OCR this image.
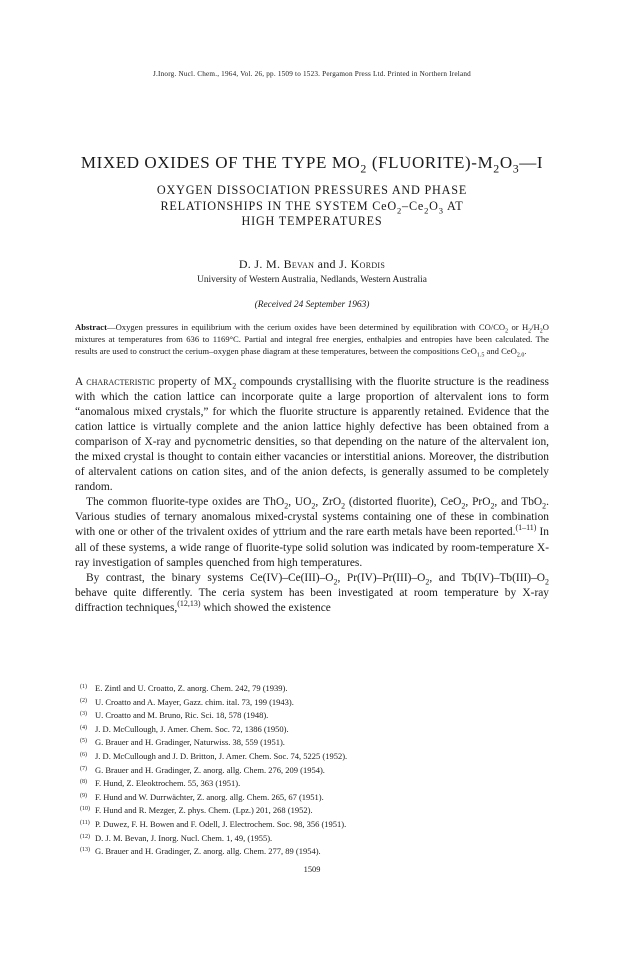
J.Inorg. Nucl. Chem., 1964, Vol. 26, pp. 1509 to 1523. Pergamon Press Ltd. Printed in Northern Ireland
MIXED OXIDES OF THE TYPE $MO_2$ $(FLUORITE)-M_2O_3—I$
OXYGEN DISSOCIATION PRESSURES AND PHASE
RELATIONSHIPS IN THE SYSTEM $CeO_2-Ce_2O_3$ AT
HIGH TEMPERATURES
D. J. M. Bevan and J. Kordis
University of Western Australia, Nedlands, Western Australia
(Received 24 September 1963)

Abstract—Oxygen pressures in equilibrium with the cerium oxides have been determined by equilibration with $CO/CO_2$ or $H_2/H_2O$ mixtures at temperatures from 636 to 1169°C. Partial and integral free energies, enthalpies and entropies have been calculated. The results are used to construct the cerium–oxygen phase diagram at these temperatures, between the compositions CeO$_{1.5}$ and CeO$_{2.0}$.

A characteristic property of $MX_2$ compounds crystallising with the fluorite structure is the readiness with which the cation lattice can incorporate quite a large proportion of altervalent ions to form “anomalous mixed crystals,” for which the fluorite structure is apparently retained. Evidence that the cation lattice is virtually complete and the anion lattice highly defective has been obtained from a comparison of X-ray and pycnometric densities, so that depending on the nature of the altervalent ion, the mixed crystal is thought to contain either vacancies or interstitial anions. Moreover, the distribution of altervalent cations on cation sites, and of the anion defects, is generally assumed to be completely random.

The common fluorite-type oxides are ThO$_2$, $UO_2$, ZrO$_2$ (distorted fluorite), CeO$_2$, PrO$_2$, and TbO$_2$. Various studies of ternary anomalous mixed-crystal systems containing one of these in combination with one or other of the trivalent oxides of yttrium and the rare earth metals have been reported.$^{(1-11)}$ In all of these systems, a wide range of fluorite-type solid solution was indicated by room-temperature X-ray investigation of samples quenched from high temperatures.

By contrast, the binary systems $Ce(IV)-Ce(III)-O_2$, $Pr(IV)-Pr(III)-O_2$, and $Tb(IV)-Tb(III)-O_2$ behave quite differently. The ceria system has been investigated at room temperature by X-ray diffraction techniques,$^{(12,13)}$ which showed the existence

(1) E. Zintl and U. Croatto, Z. anorg. Chem. 242, 79 (1939).
(2) U. Croatto and A. Mayer, Gazz. chim. ital. 73, 199 (1943).
(3) U. Croatto and M. Bruno, Ric. Sci. 18, 578 (1948).
(4) J. D. McCullough, J. Amer. Chem. Soc. 72, 1386 (1950).
(5) G. Brauer and H. Gradinger, Naturwiss. 38, 559 (1951).
(6) J. D. McCullough and J. D. Britton, J. Amer. Chem. Soc. 74, 5225 (1952).
(7) G. Brauer and H. Gradinger, Z. anorg. allg. Chem. 276, 209 (1954).
(8) F. Hund, Z. Eleoktrochem. 55, 363 (1951).
(9) F. Hund and W. Durrwächter, Z. anorg. allg. Chem. 265, 67 (1951).
(10) F. Hund and R. Mezger, Z. phys. Chem. (Lpz.) 201, 268 (1952).
(11) P. Duwez, F. H. Bowen and F. Odell, J. Electrochem. Soc. 98, 356 (1951).
(12) D. J. M. Bevan, J. Inorg. Nucl. Chem. 1, 49, (1955).
(13) G. Brauer and H. Gradinger, Z. anorg. allg. Chem. 277, 89 (1954).
1509
